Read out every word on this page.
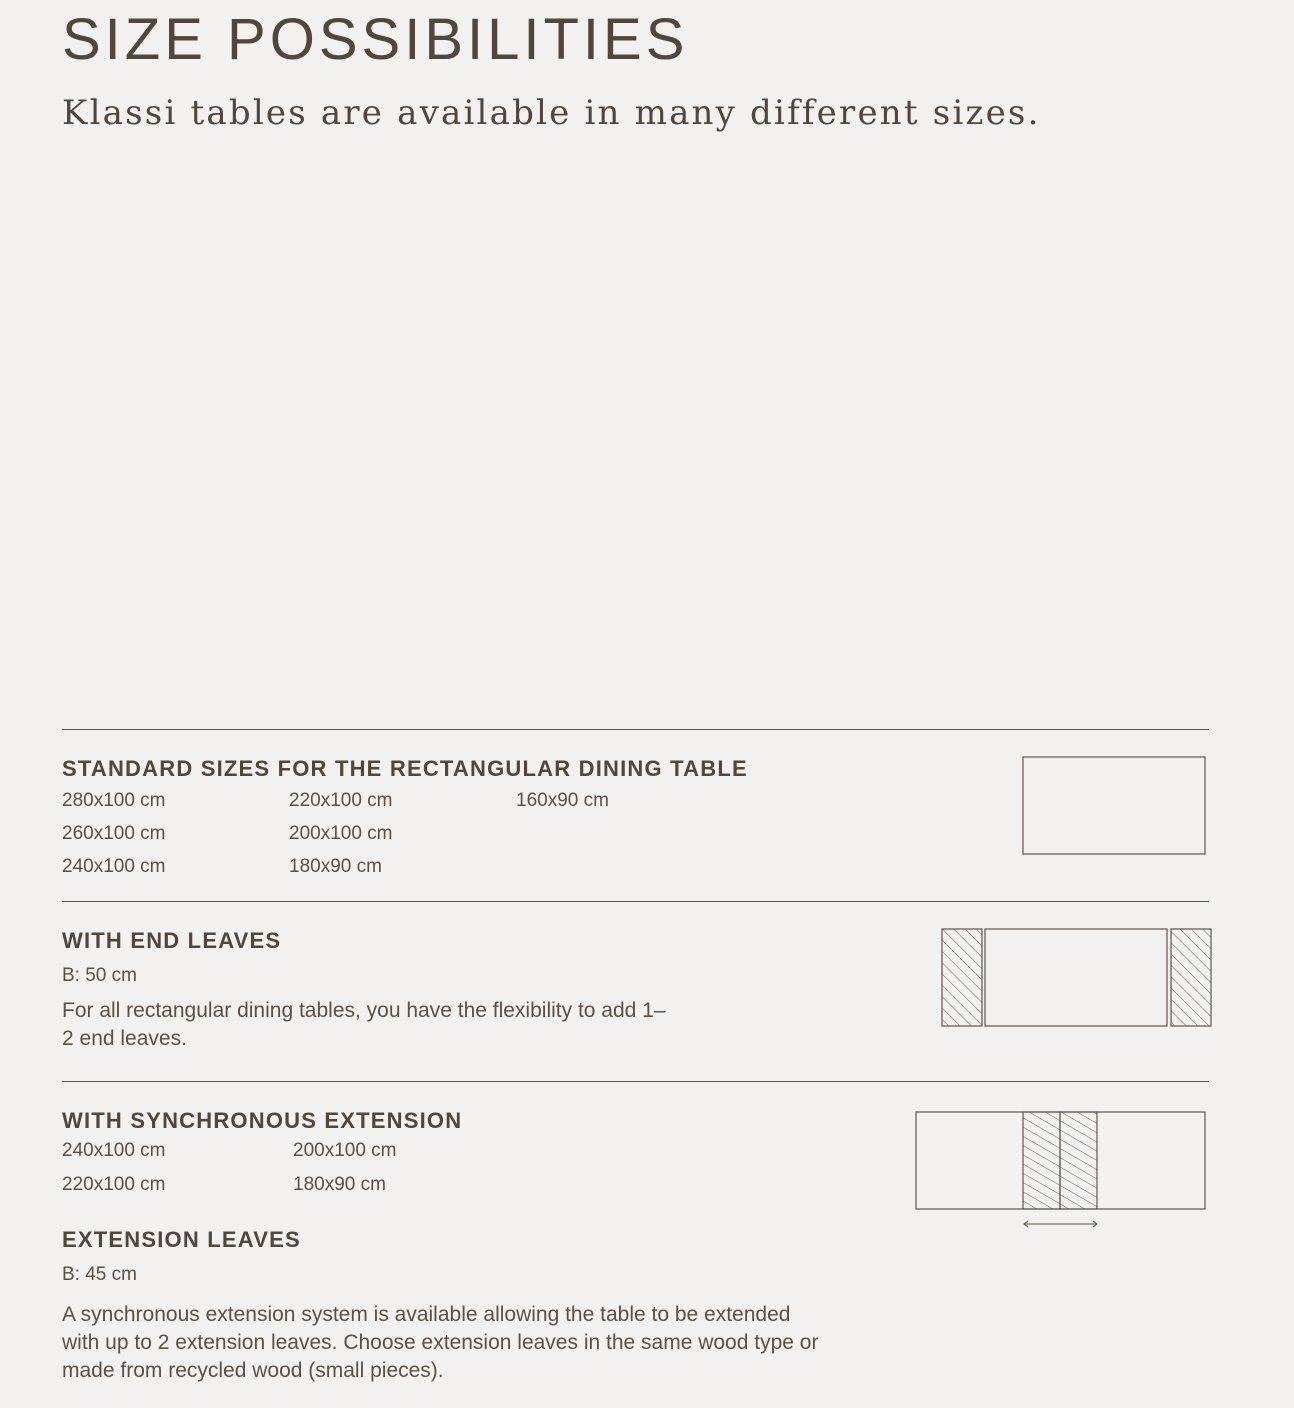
SIZE POSSIBILITIES

Klassi tables are available in many different sizes.

STANDARD SIZES FOR THE RECTANGULAR DINING TABLE
280x100 cm
260x100 cm
240x100 cm
220x100 cm
200x100 cm
180x90 cm
160x90 cm
WITH END LEAVES
B: 50 cm

For all rectangular dining tables, you have the flexibility to add 1–2 end leaves.

WITH SYNCHRONOUS EXTENSION
240x100 cm
220x100 cm
200x100 cm
180x90 cm
EXTENSION LEAVES
B: 45 cm

A synchronous extension system is available allowing the table to be extended with up to 2 extension leaves. Choose extension leaves in the same wood type or made from recycled wood (small pieces).
